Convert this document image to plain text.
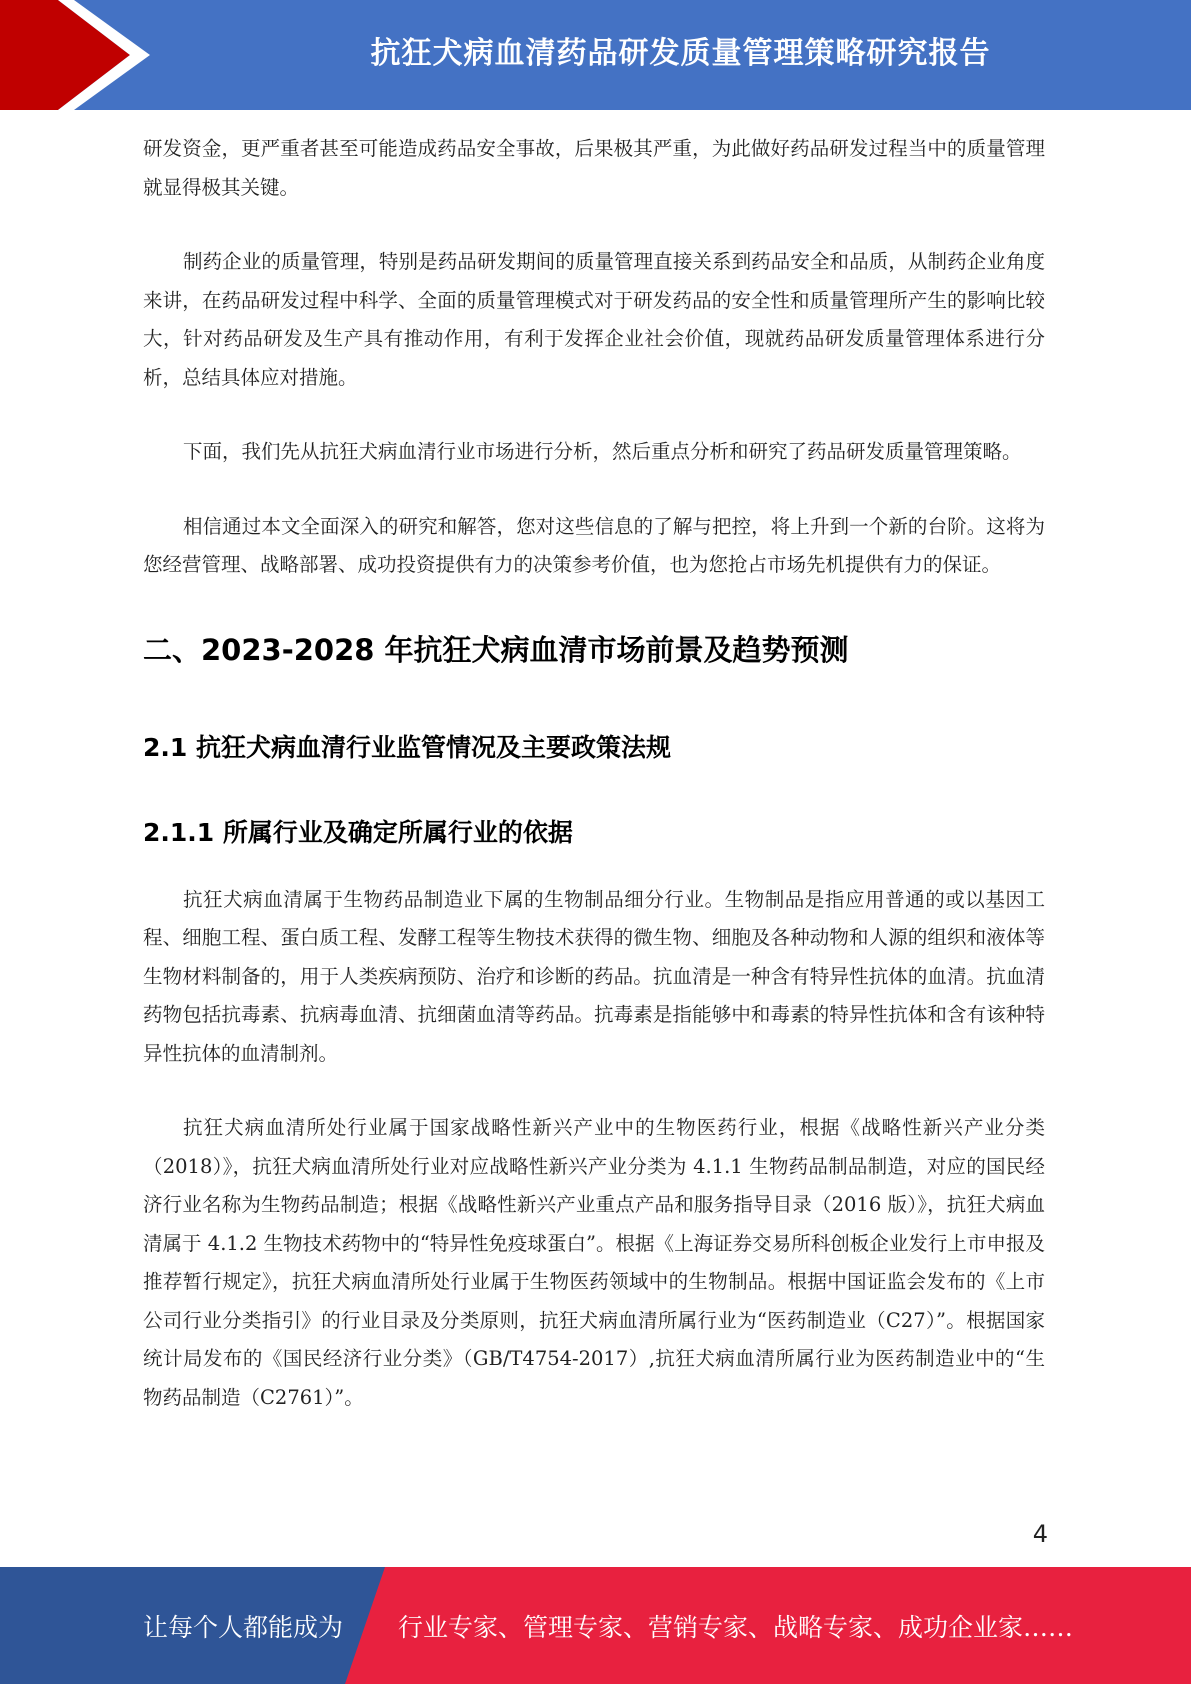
抗狂犬病血清药品研发质量管理策略研究报告

研发资金，更严重者甚至可能造成药品安全事故，后果极其严重，为此做好药品研发过程当中的质量管理就显得极其关键。

制药企业的质量管理，特别是药品研发期间的质量管理直接关系到药品安全和品质，从制药企业角度来讲，在药品研发过程中科学、全面的质量管理模式对于研发药品的安全性和质量管理所产生的影响比较大，针对药品研发及生产具有推动作用，有利于发挥企业社会价值，现就药品研发质量管理体系进行分析，总结具体应对措施。

下面，我们先从抗狂犬病血清行业市场进行分析，然后重点分析和研究了药品研发质量管理策略。

相信通过本文全面深入的研究和解答，您对这些信息的了解与把控，将上升到一个新的台阶。这将为您经营管理、战略部署、成功投资提供有力的决策参考价值，也为您抢占市场先机提供有力的保证。

二、2023-2028 年抗狂犬病血清市场前景及趋势预测
2.1 抗狂犬病血清行业监管情况及主要政策法规
2.1.1 所属行业及确定所属行业的依据

抗狂犬病血清属于生物药品制造业下属的生物制品细分行业。生物制品是指应用普通的或以基因工程、细胞工程、蛋白质工程、发酵工程等生物技术获得的微生物、细胞及各种动物和人源的组织和液体等生物材料制备的，用于人类疾病预防、治疗和诊断的药品。抗血清是一种含有特异性抗体的血清。抗血清药物包括抗毒素、抗病毒血清、抗细菌血清等药品。抗毒素是指能够中和毒素的特异性抗体和含有该种特异性抗体的血清制剂。

抗狂犬病血清所处行业属于国家战略性新兴产业中的生物医药行业，根据《战略性新兴产业分类（2018）》，抗狂犬病血清所处行业对应战略性新兴产业分类为 4.1.1 生物药品制品制造，对应的国民经济行业名称为生物药品制造；根据《战略性新兴产业重点产品和服务指导目录（2016 版）》，抗狂犬病血清属于 4.1.2 生物技术药物中的“特异性免疫球蛋白”。根据《上海证券交易所科创板企业发行上市申报及推荐暂行规定》，抗狂犬病血清所处行业属于生物医药领域中的生物制品。根据中国证监会发布的《上市公司行业分类指引》的行业目录及分类原则，抗狂犬病血清所属行业为“医药制造业（C27）”。根据国家统计局发布的《国民经济行业分类》（GB/T4754-2017）,抗狂犬病血清所属行业为医药制造业中的“生物药品制造（C2761）”。

4
让每个人都能成为 行业专家、管理专家、营销专家、战略专家、成功企业家……
